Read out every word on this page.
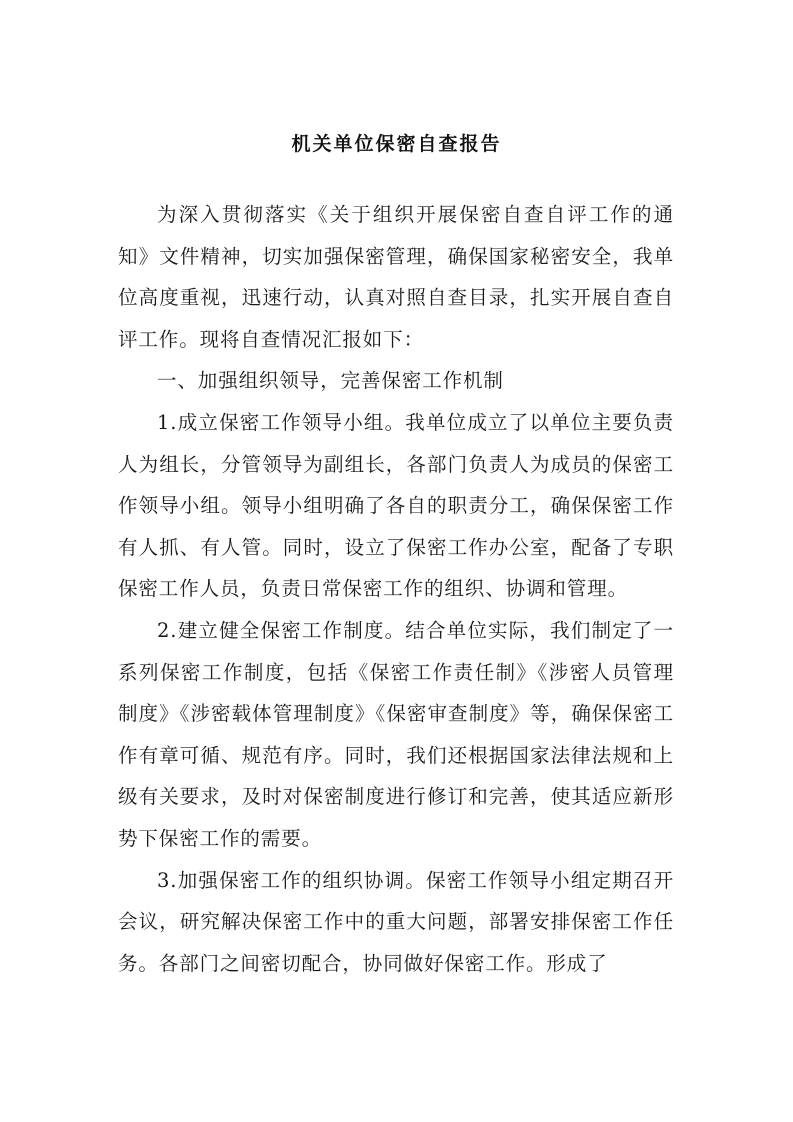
机关单位保密自查报告

为深入贯彻落实《关于组织开展保密自查自评工作的通知》文件精神，切实加强保密管理，确保国家秘密安全，我单位高度重视，迅速行动，认真对照自查目录，扎实开展自查自评工作。现将自查情况汇报如下：

一、加强组织领导，完善保密工作机制

1.成立保密工作领导小组。我单位成立了以单位主要负责人为组长，分管领导为副组长，各部门负责人为成员的保密工作领导小组。领导小组明确了各自的职责分工，确保保密工作有人抓、有人管。同时，设立了保密工作办公室，配备了专职保密工作人员，负责日常保密工作的组织、协调和管理。

2.建立健全保密工作制度。结合单位实际，我们制定了一系列保密工作制度，包括《保密工作责任制》《涉密人员管理制度》《涉密载体管理制度》《保密审查制度》等，确保保密工作有章可循、规范有序。同时，我们还根据国家法律法规和上级有关要求，及时对保密制度进行修订和完善，使其适应新形势下保密工作的需要。

3.加强保密工作的组织协调。保密工作领导小组定期召开会议，研究解决保密工作中的重大问题，部署安排保密工作任务。各部门之间密切配合，协同做好保密工作。形成了
